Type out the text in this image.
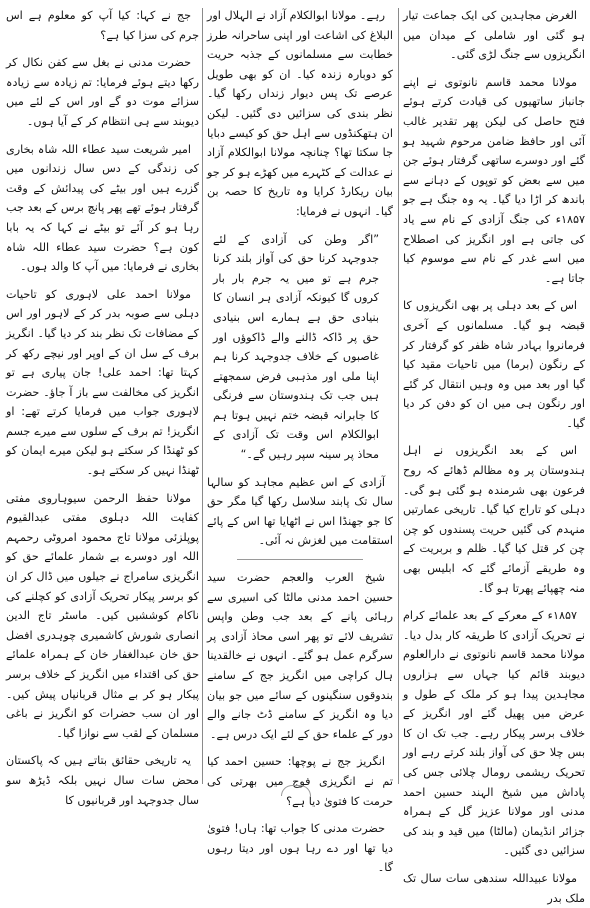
الغرض مجاہدین کی ایک جماعت تیار ہو گئی اور شاملی کے میدان میں انگریزوں سے جنگ لڑی گئی۔

مولانا محمد قاسم نانوتوی نے اپنے جانباز ساتھیوں کی قیادت کرتے ہوئے فتح حاصل کی لیکن پھر تقدیر غالب آئی اور حافظ ضامن مرحوم شہید ہو گئے اور دوسرے ساتھی گرفتار ہوئے جن میں سے بعض کو توپوں کے دہانے سے باندھ کر اڑا دیا گیا۔ یہ وہ جنگ ہے جو ۱۸۵۷ء کی جنگ آزادی کے نام سے یاد کی جاتی ہے اور انگریز کی اصطلاح میں اسے غدر کے نام سے موسوم کیا جاتا ہے۔

اس کے بعد دہلی پر بھی انگریزوں کا قبضہ ہو گیا۔ مسلمانوں کے آخری فرمانروا بہادر شاہ ظفر کو گرفتار کر کے رنگون (برما) میں تاحیات مقید کیا گیا اور بعد میں وہ وہیں انتقال کر گئے اور رنگون ہی میں ان کو دفن کر دیا گیا۔

اس کے بعد انگریزوں نے اہل ہندوستان پر وہ مظالم ڈھائے کہ روح فرعون بھی شرمندہ ہو گئی ہو گی۔ دہلی کو تاراج کیا گیا۔ تاریخی عمارتیں منہدم کی گئیں حریت پسندوں کو چن چن کر قتل کیا گیا۔ ظلم و بربریت کے وہ طریقے آزمائے گئے کہ ابلیس بھی منہ چھپائے پھرتا ہو گا۔

۱۸۵۷ء کے معرکے کے بعد علمائے کرام نے تحریک آزادی کا طریقہ کار بدل دیا۔ مولانا محمد قاسم نانوتوی نے دارالعلوم دیوبند قائم کیا جہاں سے ہزاروں مجاہدین پیدا ہو کر ملک کے طول و عرض میں پھیل گئے اور انگریز کے خلاف برسر پیکار رہے۔ جب تک ان کا بس چلا حق کی آواز بلند کرتے رہے اور تحریک ریشمی رومال چلائی جس کی پاداش میں شیخ الہند حسین احمد مدنی اور مولانا عزیز گل کے ہمراہ جزائر انڈیمان (مالٹا) میں قید و بند کی سزائیں دی گئیں۔

مولانا عبیداللہ سندھی سات سال تک ملک بدر

رہے۔ مولانا ابوالکلام آزاد نے الہلال اور البلاغ کی اشاعت اور اپنی ساحرانہ طرز خطابت سے مسلمانوں کے جذبہ حریت کو دوبارہ زندہ کیا۔ ان کو بھی طویل عرصے تک پس دیوار زنداں رکھا گیا۔ نظر بندی کی سزائیں دی گئیں۔ لیکن ان ہتھکنڈوں سے اہل حق کو کیسے دبایا جا سکتا تھا؟ چنانچہ مولانا ابوالکلام آزاد نے عدالت کے کٹہرے میں کھڑے ہو کر جو بیان ریکارڈ کرایا وہ تاریخ کا حصہ بن گیا۔ انہوں نے فرمایا:

”اگر وطن کی آزادی کے لئے جدوجہد کرنا حق کی آواز بلند کرنا جرم ہے تو میں یہ جرم بار بار کروں گا کیونکہ آزادی ہر انسان کا بنیادی حق ہے ہمارے اس بنیادی حق پر ڈاکہ ڈالنے والے ڈاکوؤں اور غاصبوں کے خلاف جدوجہد کرنا ہم اپنا ملی اور مذہبی فرض سمجھتے ہیں جب تک ہندوستان سے فرنگی کا جابرانہ قبضہ ختم نہیں ہوتا ہم ابوالکلام اس وقت تک آزادی کے محاذ پر سینہ سپر رہیں گے۔“

آزادی کے اس عظیم مجاہد کو سالہا سال تک پابند سلاسل رکھا گیا مگر حق کا جو جھنڈا اس نے اٹھایا تھا اس کے پائے استقامت میں لغزش نہ آئی۔

شیخ العرب والعجم حضرت سید حسین احمد مدنی مالٹا کی اسیری سے رہائی پانے کے بعد جب وطن واپس تشریف لائے تو پھر اسی محاذ آزادی پر سرگرم عمل ہو گئے۔ انہوں نے خالقدینا ہال کراچی میں انگریز جج کے سامنے بندوقوں سنگینوں کے سائے میں جو بیان دیا وہ انگریز کے سامنے ڈٹ جانے والے دور کے علماء حق کے لئے ایک درس ہے۔

انگریز جج نے پوچھا: حسین احمد کیا تم نے انگریزی فوج میں بھرتی کی حرمت کا فتویٰ دیا ہے؟

حضرت مدنی کا جواب تھا: ہاں! فتویٰ دیا تھا اور دے رہا ہوں اور دیتا رہوں گا۔

جج نے کہا: کیا آپ کو معلوم ہے اس جرم کی سزا کیا ہے؟

حضرت مدنی نے بغل سے کفن نکال کر رکھا دیتے ہوئے فرمایا: تم زیادہ سے زیادہ سزائے موت دو گے اور اس کے لئے میں دیوبند سے ہی انتظام کر کے آیا ہوں۔

امیر شریعت سید عطاء اللہ شاہ بخاری کی زندگی کے دس سال زندانوں میں گزرے ہیں اور بیٹے کی پیدائش کے وقت گرفتار ہوئے تھے پھر پانچ برس کے بعد جب رہا ہو کر آئے تو بیٹے نے کہا کہ یہ بابا کون ہے؟ حضرت سید عطاء اللہ شاہ بخاری نے فرمایا: میں آپ کا والد ہوں۔

مولانا احمد علی لاہوری کو تاحیات دہلی سے صوبہ بدر کر کے لاہور اور اس کے مضافات تک نظر بند کر دیا گیا۔ انگریز برف کے سل ان کے اوپر اور نیچے رکھ کر کہتا تھا: احمد علی! جان پیاری ہے تو انگریز کی مخالفت سے باز آ جاؤ۔ حضرت لاہوری جواب میں فرمایا کرتے تھے: او انگریز! تم برف کے سلوں سے میرے جسم کو ٹھنڈا کر سکتے ہو لیکن میرے ایمان کو ٹھنڈا نہیں کر سکتے ہو۔

مولانا حفظ الرحمن سیوہاروی مفتی کفایت اللہ دہلوی مفتی عبدالقیوم پوپلزئی مولانا تاج محمود امروٹی رحمہم اللہ اور دوسرے بے شمار علمائے حق کو انگریزی سامراج نے جیلوں میں ڈال کر ان کو برسر پیکار تحریک آزادی کو کچلنے کی ناکام کوششیں کیں۔ ماسٹر تاج الدین انصاری شورش کاشمیری چوہدری افضل حق خان عبدالغفار خان کے ہمراہ علمائے حق کی اقتداء میں انگریز کے خلاف برسر پیکار ہو کر بے مثال قربانیاں پیش کیں۔ اور ان سب حضرات کو انگریز نے باغی مسلمان کے لقب سے نوازا گیا۔

یہ تاریخی حقائق بتاتے ہیں کہ پاکستان محض سات سال نہیں بلکہ ڈیڑھ سو سال جدوجہد اور قربانیوں کا
